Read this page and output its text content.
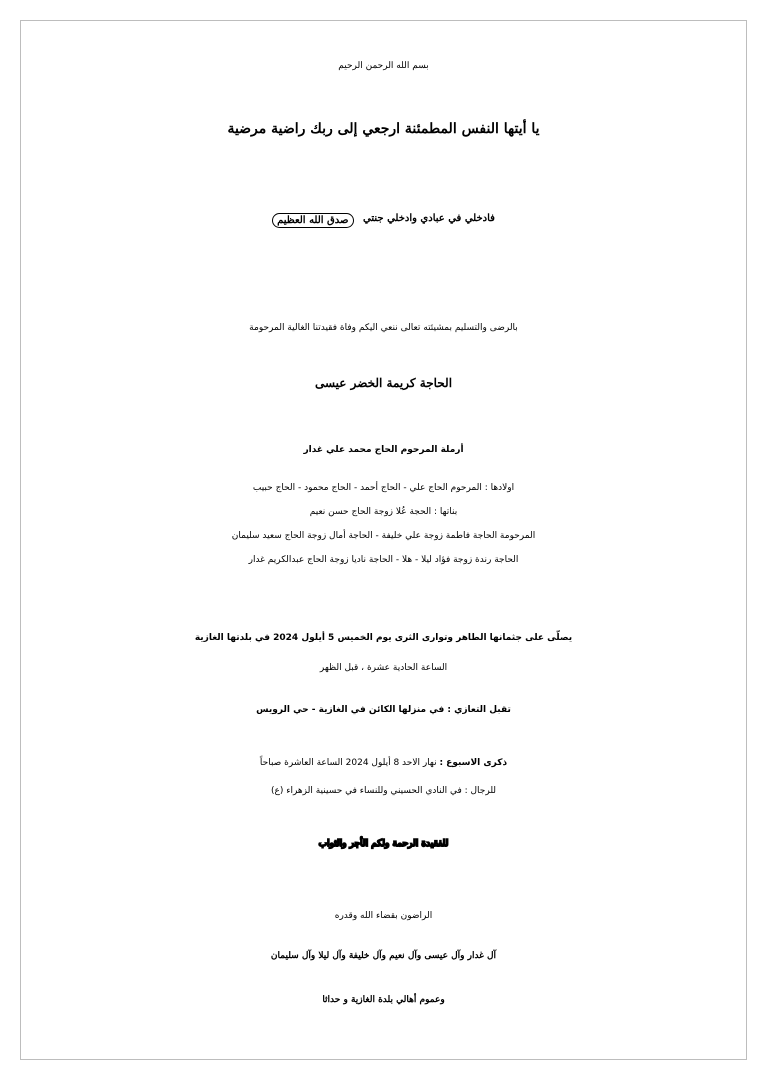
بسم الله الرحمن الرحيم
يا أيتها النفس المطمئنة ارجعي إلى ربك راضية مرضية
فادخلي في عبادي وادخلي جنتي صدق الله العظيم
بالرضى والتسليم بمشيئته تعالى ننعي اليكم وفاة فقيدتنا الغالية المرحومة
الحاجة كريمة الخضر عيسى
أرملة المرحوم الحاج محمد علي غدار
اولادها : المرحوم الحاج علي - الحاج أحمد - الحاج محمود - الحاج حبيب
بناتها : الحجة عُلا زوجة الحاج حسن نعيم
المرحومة الحاجة فاطمة زوجة علي خليفة - الحاجة أمال زوجة الحاج سعيد سليمان
الحاجة رندة زوجة فؤاد ليلا - هلا - الحاجة ناديا زوجة الحاج عبدالكريم غدار
يصلّى على جثمانها الطاهر وتوارى الثرى يوم الخميس 5 أيلول 2024 في بلدتها الغازية
الساعة الحادية عشرة ، قبل الظهر
تقبل التعازي : في منزلها الكائن في الغازية - حي الرويس
ذكرى الاسبوع : نهار الاحد 8 أيلول 2024 الساعة العاشرة صباحاً
للرجال : في النادي الحسيني وللنساء في حسينية الزهراء (ع)
للفقيدة الرحمة ولكم الأجر والثواب
الراضون بقضاء الله وقدره
آل غدار وآل عيسى وآل نعيم وآل خليفة وآل ليلا وآل سليمان
وعموم أهالي بلدة الغازية و حداثا
